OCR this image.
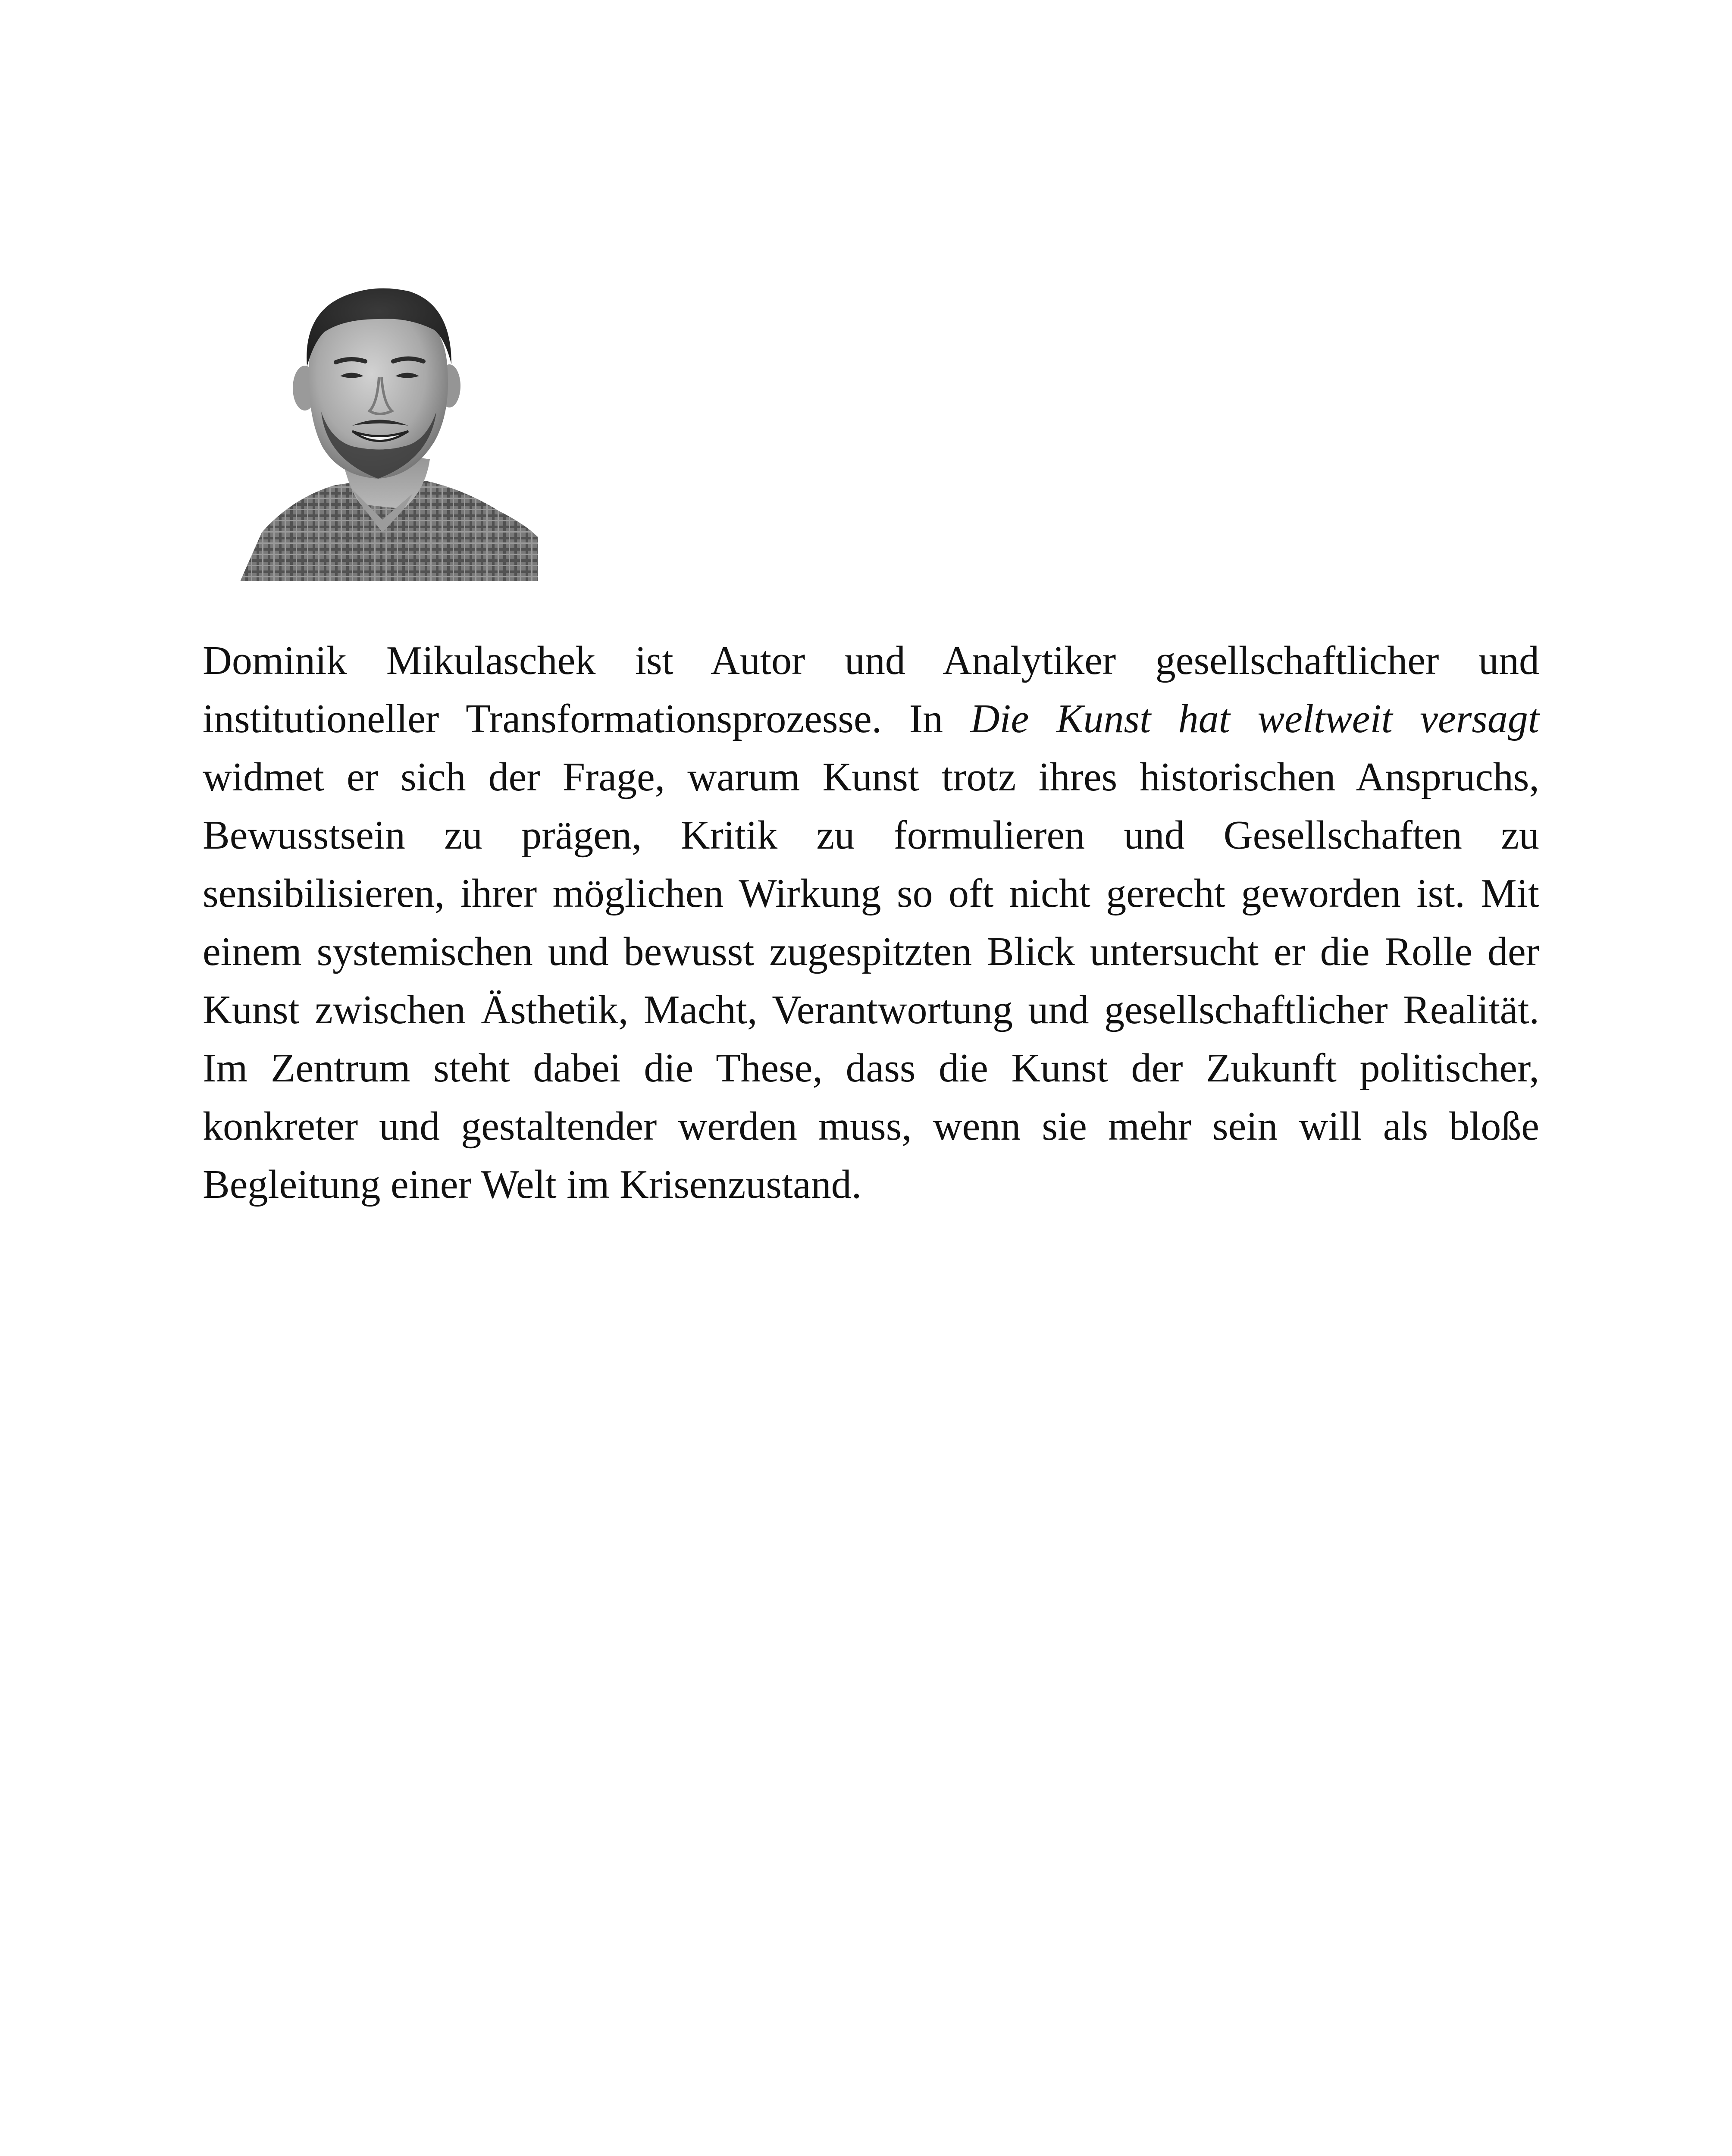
Dominik Mikulaschek ist Autor und Analytiker gesellschaftlicher und institutioneller Transformationsprozesse. In Die Kunst hat weltweit versagt widmet er sich der Frage, warum Kunst trotz ihres historischen Anspruchs, Bewusstsein zu prägen, Kritik zu formulieren und Gesellschaften zu sensibilisieren, ihrer möglichen Wirkung so oft nicht gerecht geworden ist. Mit einem systemischen und bewusst zugespitzten Blick untersucht er die Rolle der Kunst zwischen Ästhetik, Macht, Verantwortung und gesellschaftlicher Realität. Im Zentrum steht dabei die These, dass die Kunst der Zukunft politischer, konkreter und gestaltender werden muss, wenn sie mehr sein will als bloße Begleitung einer Welt im Krisenzustand.
